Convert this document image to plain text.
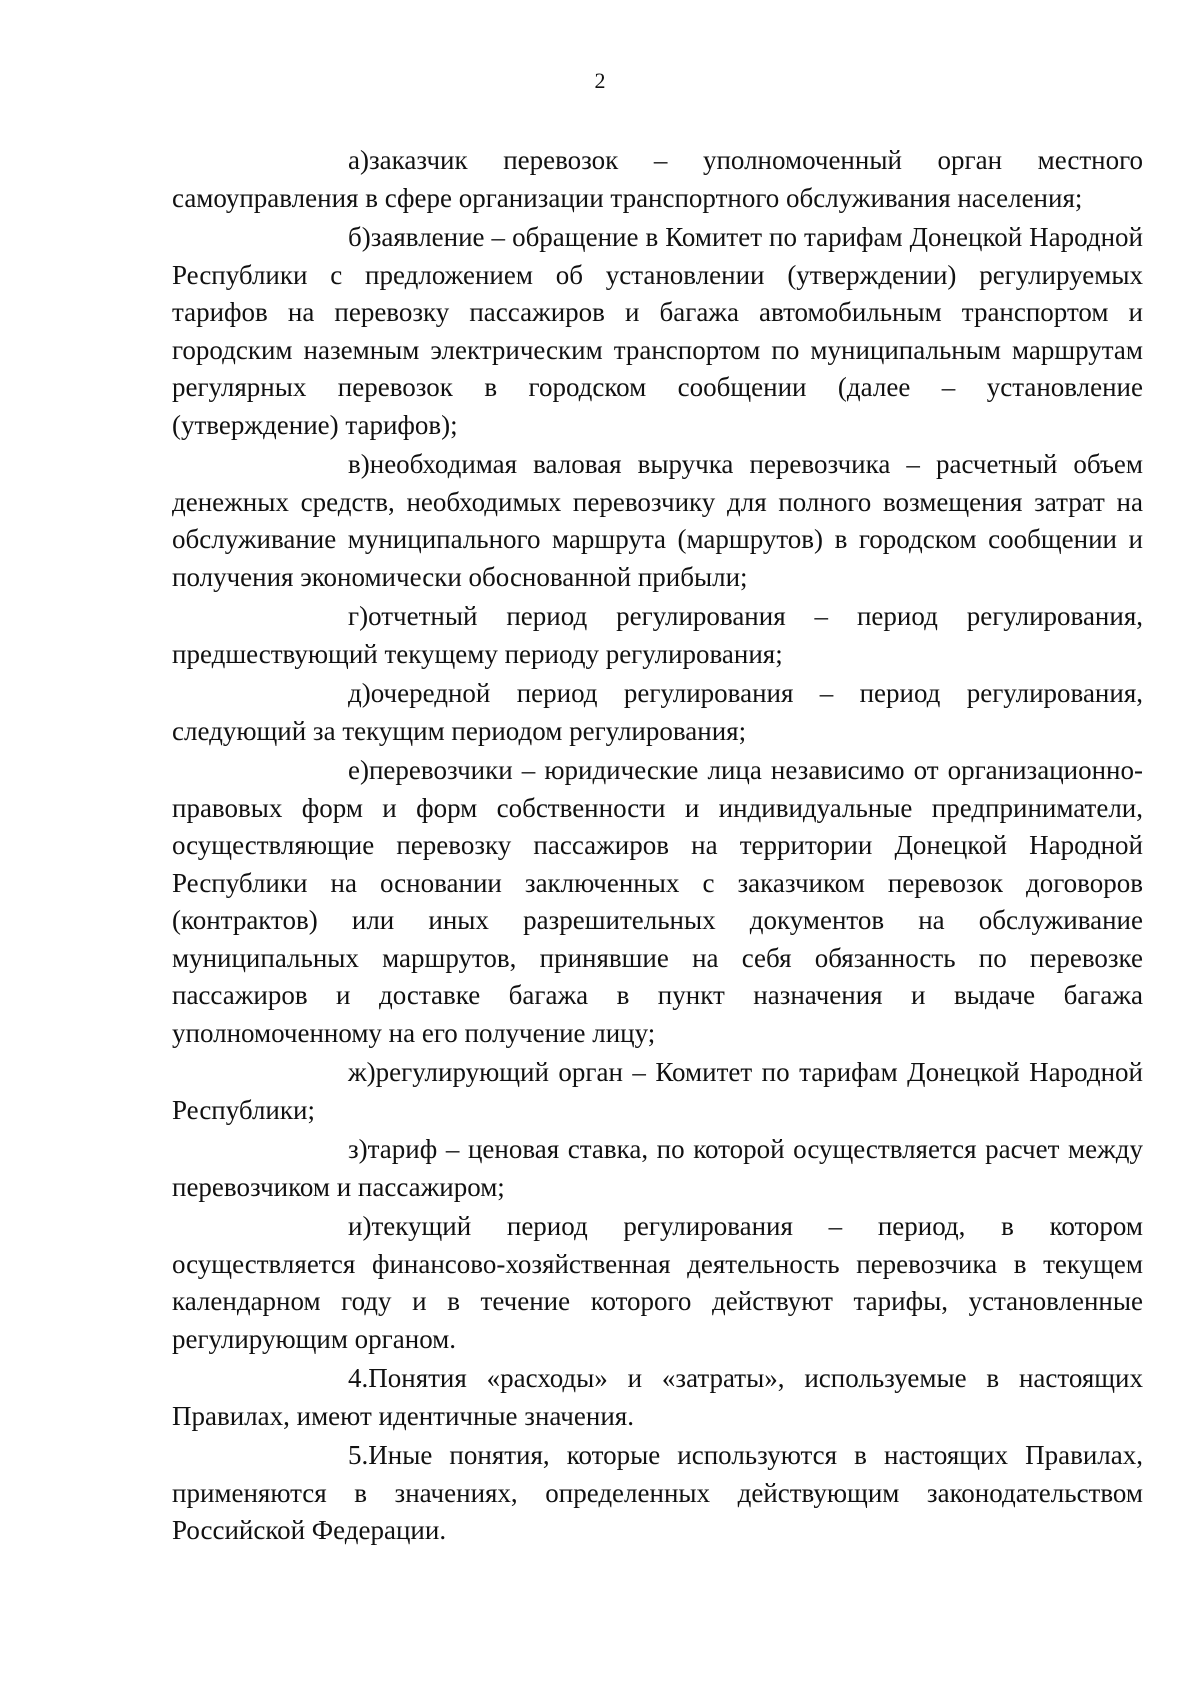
2

а)заказчик перевозок – уполномоченный орган местного самоуправления в сфере организации транспортного обслуживания населения;

б)заявление – обращение в Комитет по тарифам Донецкой Народной Республики с предложением об установлении (утверждении) регулируемых тарифов на перевозку пассажиров и багажа автомобильным транспортом и городским наземным электрическим транспортом по муниципальным маршрутам регулярных перевозок в городском сообщении (далее – установление (утверждение) тарифов);

в)необходимая валовая выручка перевозчика – расчетный объем денежных средств, необходимых перевозчику для полного возмещения затрат на обслуживание муниципального маршрута (маршрутов) в городском сообщении и получения экономически обоснованной прибыли;

г)отчетный период регулирования – период регулирования, предшествующий текущему периоду регулирования;

д)очередной период регулирования – период регулирования, следующий за текущим периодом регулирования;

е)перевозчики – юридические лица независимо от организационно-правовых форм и форм собственности и индивидуальные предприниматели, осуществляющие перевозку пассажиров на территории Донецкой Народной Республики на основании заключенных с заказчиком перевозок договоров (контрактов) или иных разрешительных документов на обслуживание муниципальных маршрутов, принявшие на себя обязанность по перевозке пассажиров и доставке багажа в пункт назначения и выдаче багажа уполномоченному на его получение лицу;

ж)регулирующий орган – Комитет по тарифам Донецкой Народной Республики;

з)тариф – ценовая ставка, по которой осуществляется расчет между перевозчиком и пассажиром;

и)текущий период регулирования – период, в котором осуществляется финансово-хозяйственная деятельность перевозчика в текущем календарном году и в течение которого действуют тарифы, установленные регулирующим органом.

4.Понятия «расходы» и «затраты», используемые в настоящих Правилах, имеют идентичные значения.

5.Иные понятия, которые используются в настоящих Правилах, применяются в значениях, определенных действующим законодательством Российской Федерации.
